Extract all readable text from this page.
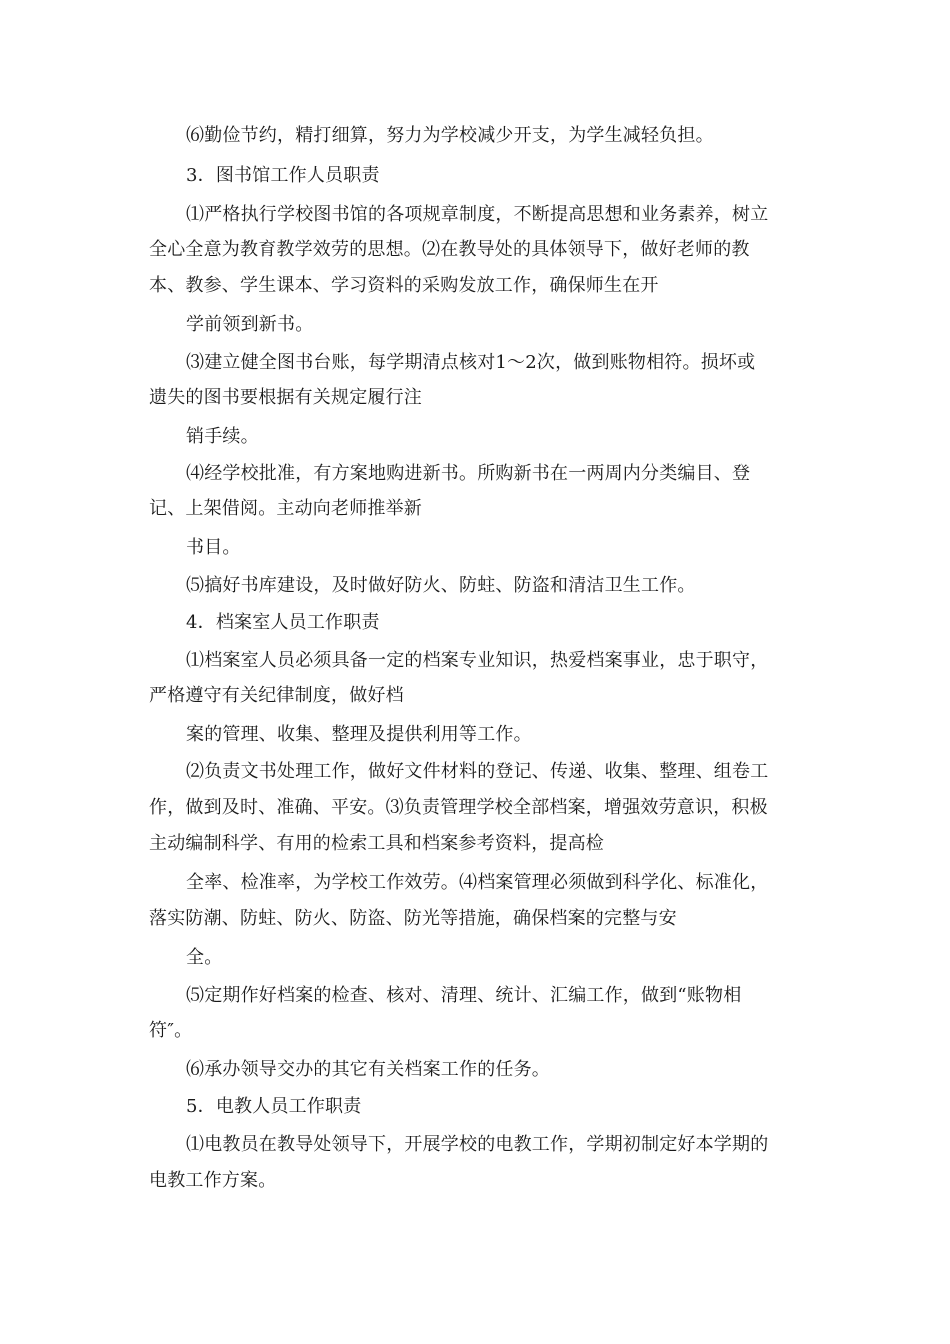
⑹勤俭节约，精打细算，努力为学校减少开支，为学生减轻负担。
3．图书馆工作人员职责
⑴严格执行学校图书馆的各项规章制度，不断提高思想和业务素养，树立
全心全意为教育教学效劳的思想。⑵在教导处的具体领导下，做好老师的教
本、教参、学生课本、学习资料的采购发放工作，确保师生在开
学前领到新书。
⑶建立健全图书台账，每学期清点核对1～2次，做到账物相符。损坏或
遗失的图书要根据有关规定履行注
销手续。
⑷经学校批准，有方案地购进新书。所购新书在一两周内分类编目、登
记、上架借阅。主动向老师推举新
书目。
⑸搞好书库建设，及时做好防火、防蛀、防盗和清洁卫生工作。
4．档案室人员工作职责
⑴档案室人员必须具备一定的档案专业知识，热爱档案事业，忠于职守，
严格遵守有关纪律制度，做好档
案的管理、收集、整理及提供利用等工作。
⑵负责文书处理工作，做好文件材料的登记、传递、收集、整理、组卷工
作，做到及时、准确、平安。⑶负责管理学校全部档案，增强效劳意识，积极
主动编制科学、有用的检索工具和档案参考资料，提高检
全率、检准率，为学校工作效劳。⑷档案管理必须做到科学化、标准化，
落实防潮、防蛀、防火、防盗、防光等措施，确保档案的完整与安
全。
⑸定期作好档案的检查、核对、清理、统计、汇编工作，做到“账物相
符″。
⑹承办领导交办的其它有关档案工作的任务。
5．电教人员工作职责
⑴电教员在教导处领导下，开展学校的电教工作，学期初制定好本学期的
电教工作方案。
